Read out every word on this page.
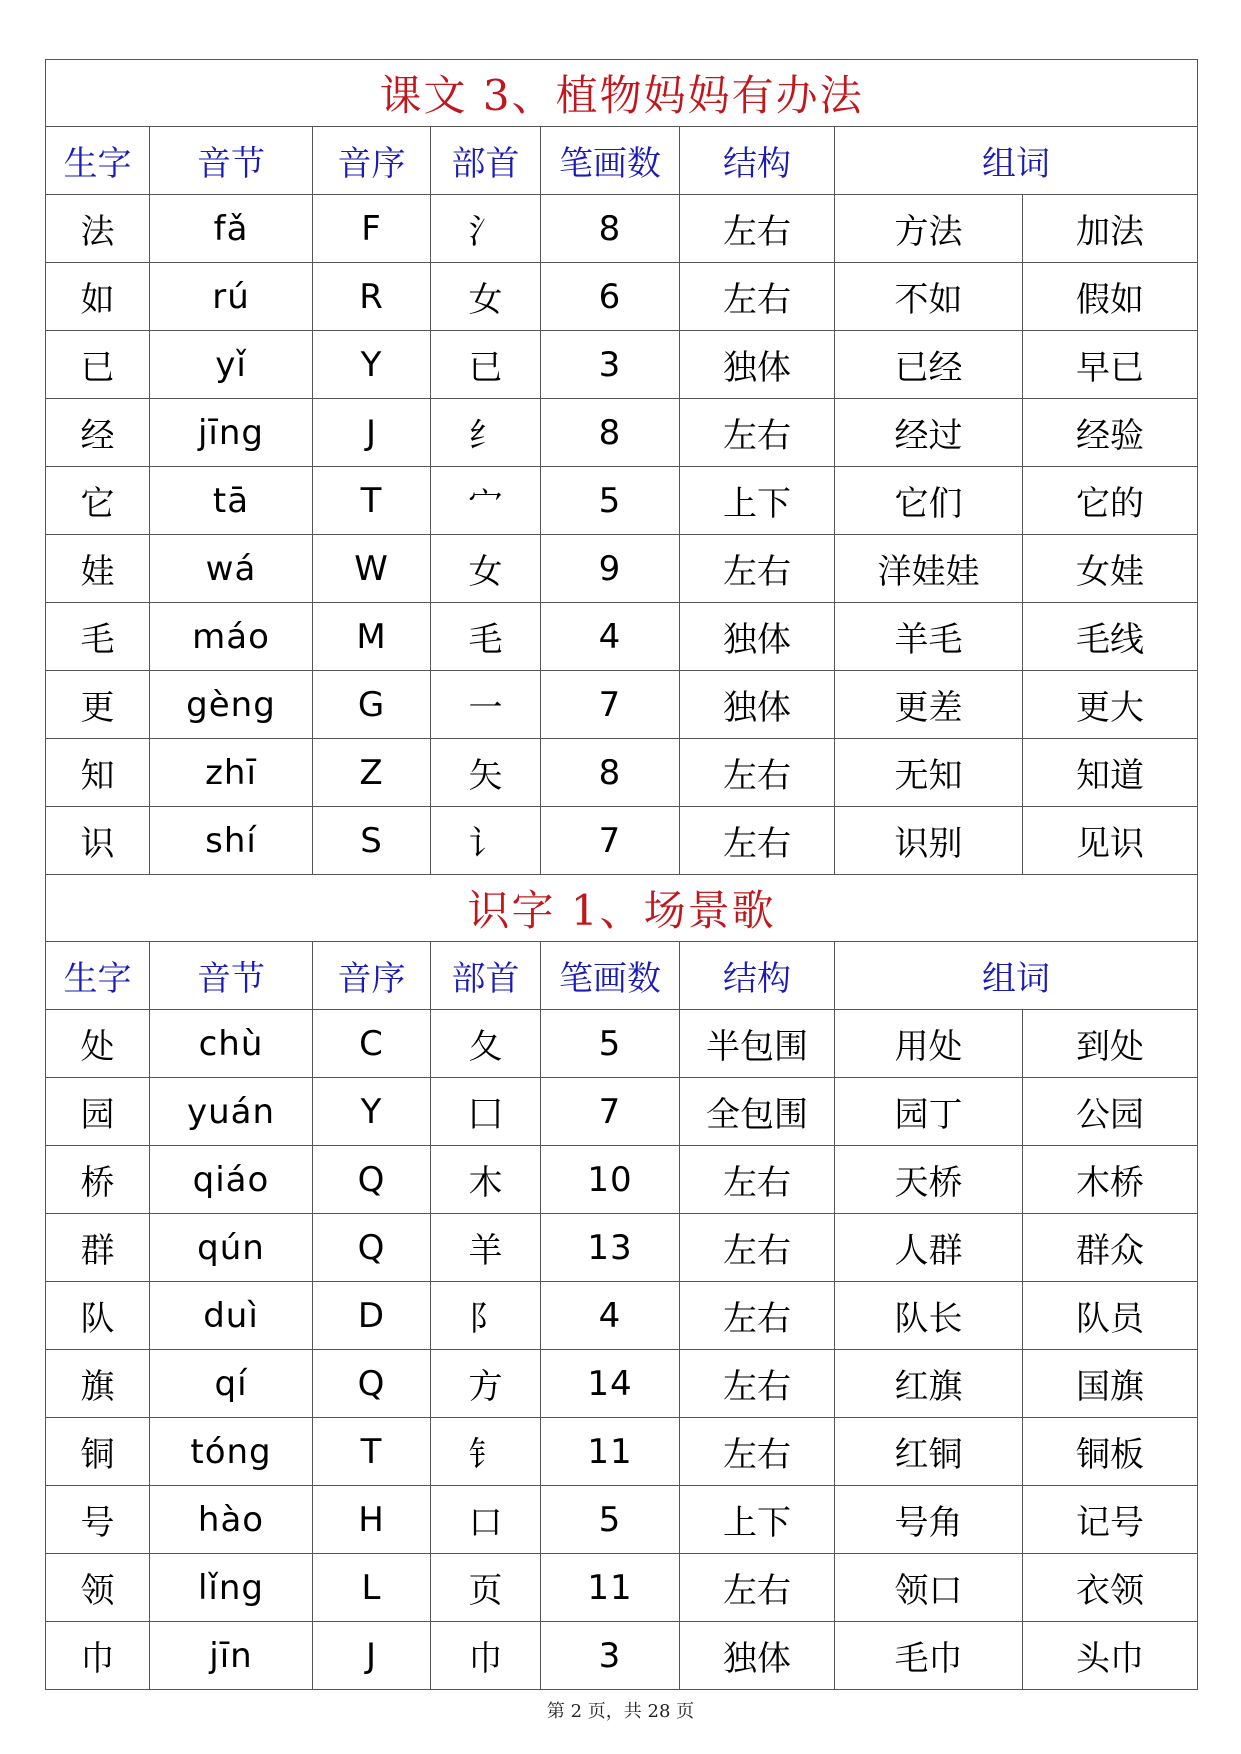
课文 3、植物妈妈有办法							
生字	音节	音序	部首	笔画数	结构	组词	
法	fǎ	F	氵	8	左右	方法	加法
如	rú	R	女	6	左右	不如	假如
已	yǐ	Y	已	3	独体	已经	早已
经	jīng	J	纟	8	左右	经过	经验
它	tā	T	宀	5	上下	它们	它的
娃	wá	W	女	9	左右	洋娃娃	女娃
毛	máo	M	毛	4	独体	羊毛	毛线
更	gèng	G	一	7	独体	更差	更大
知	zhī	Z	矢	8	左右	无知	知道
识	shí	S	讠	7	左右	识别	见识
识字 1、场景歌							
生字	音节	音序	部首	笔画数	结构	组词	
处	chù	C	夂	5	半包围	用处	到处
园	yuán	Y	囗	7	全包围	园丁	公园
桥	qiáo	Q	木	10	左右	天桥	木桥
群	qún	Q	羊	13	左右	人群	群众
队	duì	D	阝	4	左右	队长	队员
旗	qí	Q	方	14	左右	红旗	国旗
铜	tóng	T	钅	11	左右	红铜	铜板
号	hào	H	口	5	上下	号角	记号
领	lǐng	L	页	11	左右	领口	衣领
巾	jīn	J	巾	3	独体	毛巾	头巾
第 2 页，共 28 页
